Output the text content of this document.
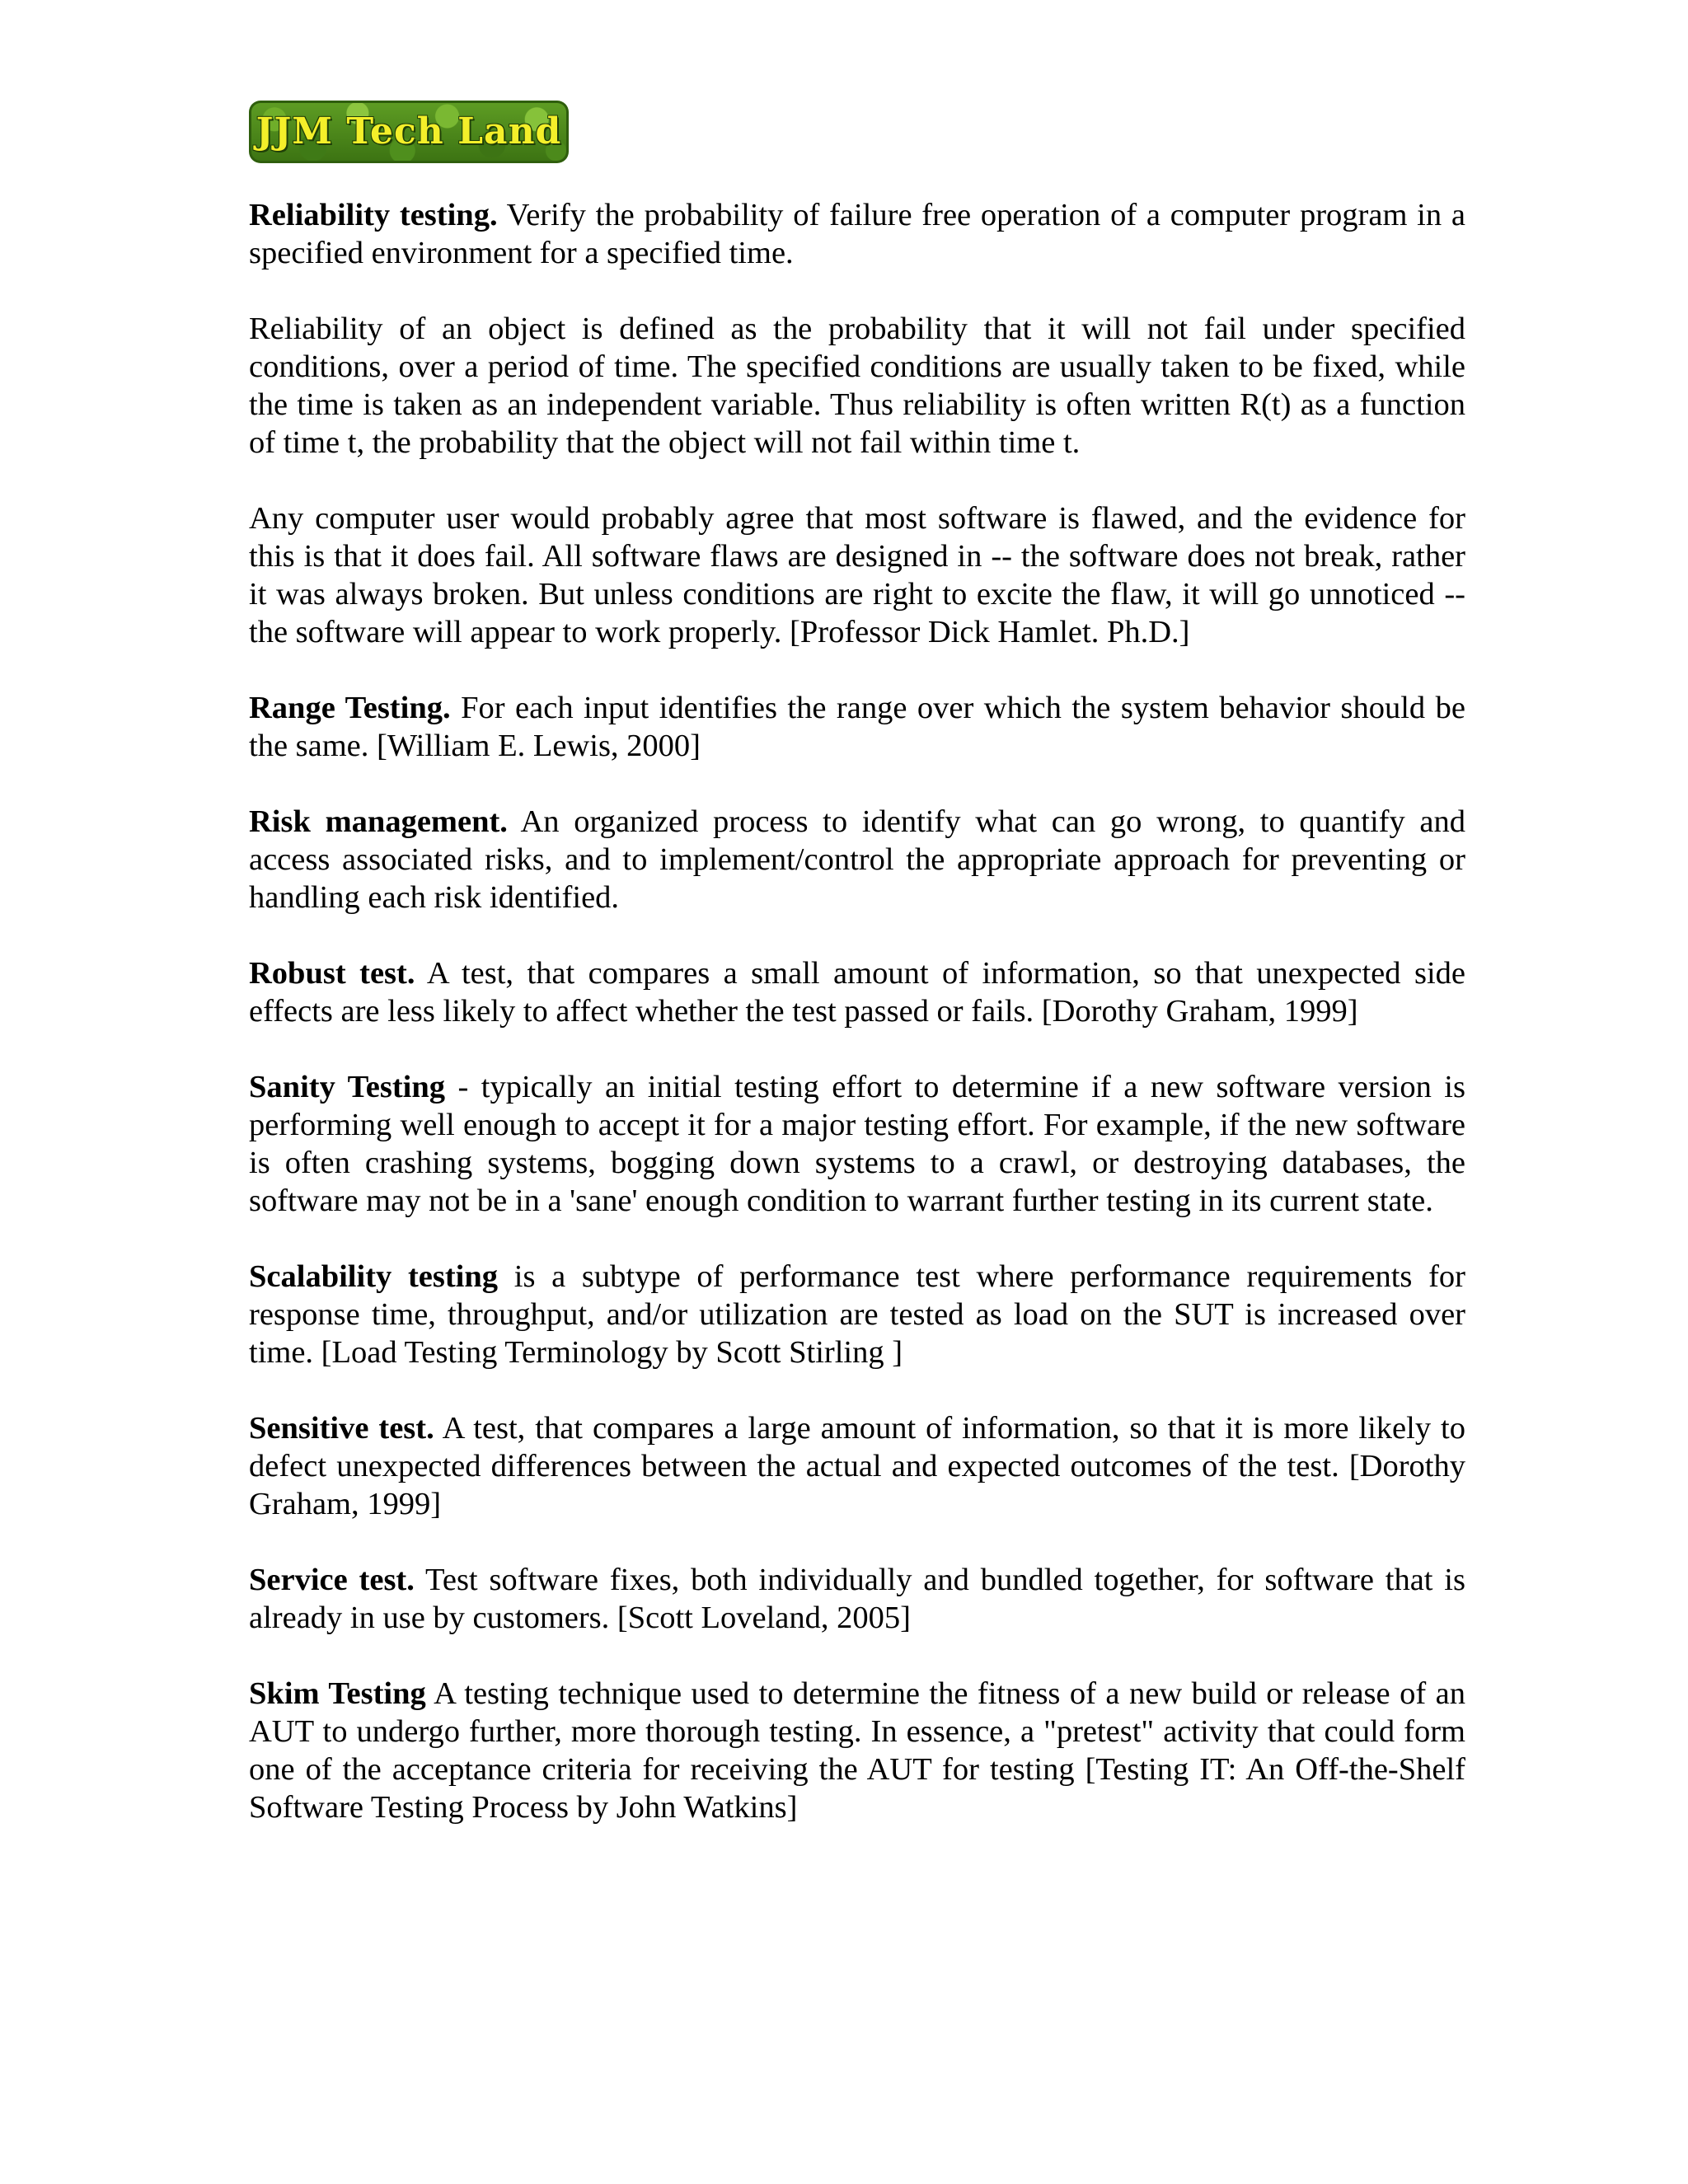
JJM Tech Land

Reliability testing. Verify the probability of failure free operation of a computer program in a specified environment for a specified time.

Reliability of an object is defined as the probability that it will not fail under specified conditions, over a period of time. The specified conditions are usually taken to be fixed, while the time is taken as an independent variable. Thus reliability is often written R(t) as a function of time t, the probability that the object will not fail within time t.

Any computer user would probably agree that most software is flawed, and the evidence for this is that it does fail. All software flaws are designed in -- the software does not break, rather it was always broken. But unless conditions are right to excite the flaw, it will go unnoticed -- the software will appear to work properly. [Professor Dick Hamlet. Ph.D.]

Range Testing. For each input identifies the range over which the system behavior should be the same. [William E. Lewis, 2000]

Risk management. An organized process to identify what can go wrong, to quantify and access associated risks, and to implement/control the appropriate approach for preventing or handling each risk identified.

Robust test. A test, that compares a small amount of information, so that unexpected side effects are less likely to affect whether the test passed or fails. [Dorothy Graham, 1999]

Sanity Testing - typically an initial testing effort to determine if a new software version is performing well enough to accept it for a major testing effort. For example, if the new software is often crashing systems, bogging down systems to a crawl, or destroying databases, the software may not be in a 'sane' enough condition to warrant further testing in its current state.

Scalability testing is a subtype of performance test where performance requirements for response time, throughput, and/or utilization are tested as load on the SUT is increased over time. [Load Testing Terminology by Scott Stirling ]

Sensitive test. A test, that compares a large amount of information, so that it is more likely to defect unexpected differences between the actual and expected outcomes of the test. [Dorothy Graham, 1999]

Service test. Test software fixes, both individually and bundled together, for software that is already in use by customers. [Scott Loveland, 2005]

Skim Testing A testing technique used to determine the fitness of a new build or release of an AUT to undergo further, more thorough testing. In essence, a "pretest" activity that could form one of the acceptance criteria for receiving the AUT for testing [Testing IT: An Off-the-Shelf Software Testing Process by John Watkins]
